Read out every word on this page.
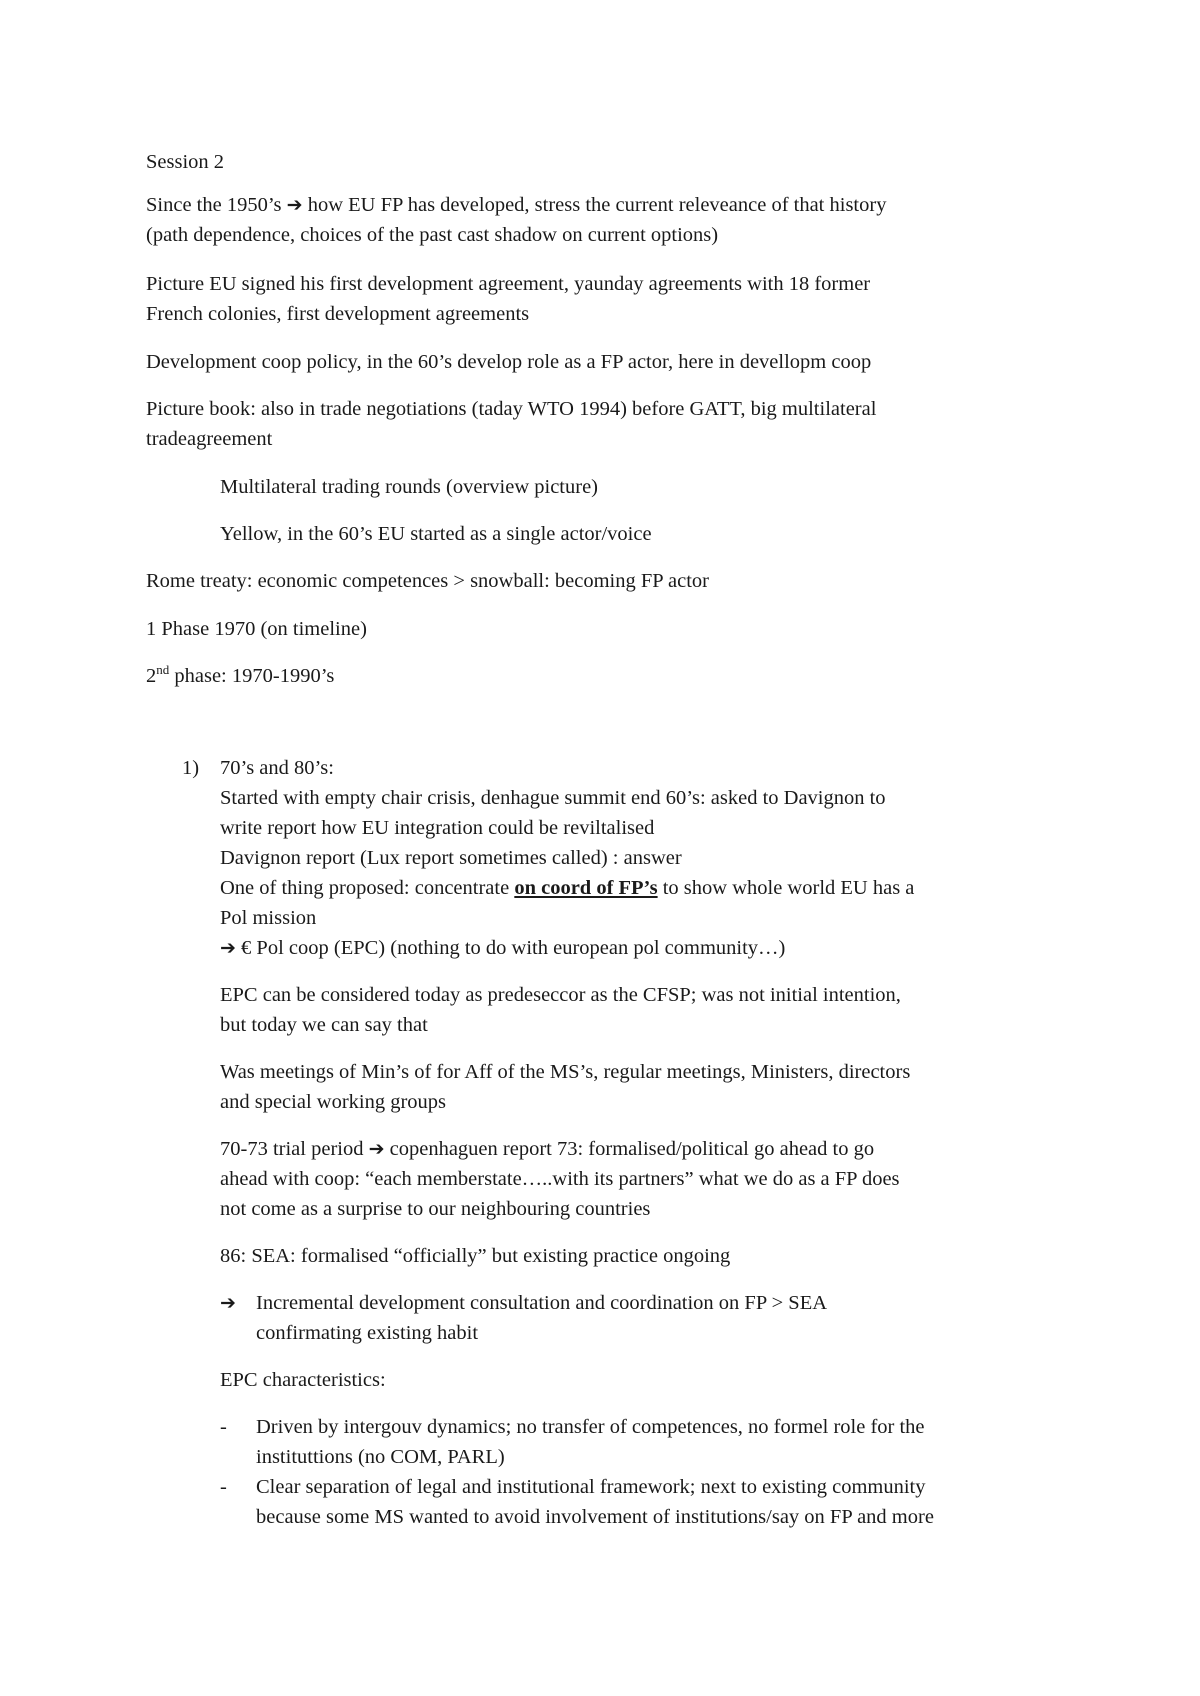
Session 2
Since the 1950’s ➔ how EU FP has developed, stress the current releveance of that history
(path dependence, choices of the past cast shadow on current options)
Picture EU signed his first development agreement, yaunday agreements with 18 former
French colonies, first development agreements
Development coop policy, in the 60’s develop role as a FP actor, here in devellopm coop
Picture book: also in trade negotiations (taday WTO 1994) before GATT, big multilateral
tradeagreement
Multilateral trading rounds (overview picture)
Yellow, in the 60’s EU started as a single actor/voice
Rome treaty: economic competences > snowball: becoming FP actor
1 Phase 1970 (on timeline)
2nd phase: 1970-1990’s
1) 70’s and 80’s:
Started with empty chair crisis, denhague summit end 60’s: asked to Davignon to
write report how EU integration could be reviltalised
Davignon report (Lux report sometimes called) : answer
One of thing proposed: concentrate on coord of FP’s to show whole world EU has a
Pol mission
➔ € Pol coop (EPC) (nothing to do with european pol community…)
EPC can be considered today as predeseccor as the CFSP; was not initial intention,
but today we can say that
Was meetings of Min’s of for Aff of the MS’s, regular meetings, Ministers, directors
and special working groups
70-73 trial period ➔ copenhaguen report 73: formalised/political go ahead to go
ahead with coop: “each memberstate…..with its partners” what we do as a FP does
not come as a surprise to our neighbouring countries
86: SEA: formalised “officially” but existing practice ongoing
➔ Incremental development consultation and coordination on FP > SEA
confirmating existing habit
EPC characteristics:
- Driven by intergouv dynamics; no transfer of competences, no formel role for the
instituttions (no COM, PARL)
- Clear separation of legal and institutional framework; next to existing community
because some MS wanted to avoid involvement of institutions/say on FP and more
